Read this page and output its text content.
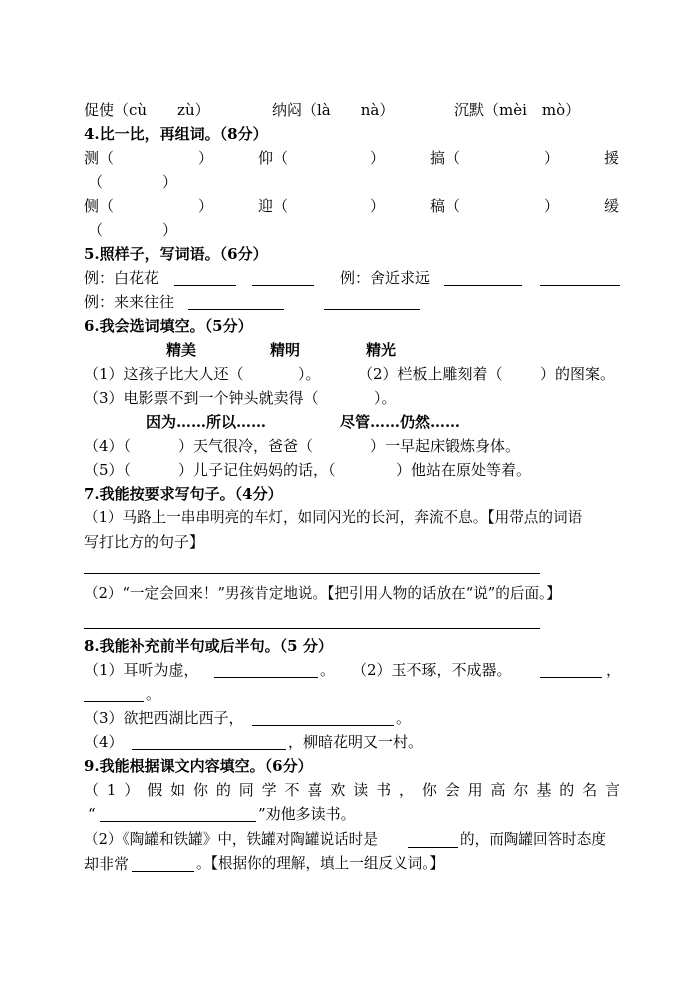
促使（cù　　zù）	纳闷（là　　nà）	沉默（mèi　mò）
4.比一比，再组词。（8分）
测（	）	仰（	）	搞（	）	援
（	）
侧（	）	迎（	）	稿（	）	缓
（	）
5.照样子，写词语。（6分）
例：白花花	例：舍近求远
例：来来往往
6.我会选词填空。（5分）
精美	精明	精光
（1）这孩子比大人还（	）。 （2）栏板上雕刻着（ ）的图案。
（3）电影票不到一个钟头就卖得（	）。
因为……所以……	尽管……仍然……
（4）（	）天气很冷，爸爸（	）一早起床锻炼身体。
（5）（	）儿子记住妈妈的话，（	）他站在原处等着。
7.我能按要求写句子。（4分）
（1）马路上一串串明亮的车灯，如同闪光的长河，奔流不息。【用带点的词语
写打比方的句子】
（2）“一定会回来！”男孩肯定地说。【把引用人物的话放在“说”的后面。】
8.我能补充前半句或后半句。（5 分）
（1）耳听为虚，	。 （2）玉不琢，不成器。	，
。
（3）欲把西湖比西子，	。
（4）	，柳暗花明又一村。
9.我能根据课文内容填空。（6分）
（1）假如你的同学不喜欢读书，你会用高尔基的名言
“	”劝他多读书。
（2）《陶罐和铁罐》中，铁罐对陶罐说话时是	的，而陶罐回答时态度
却非常	。【根据你的理解，填上一组反义词。】
